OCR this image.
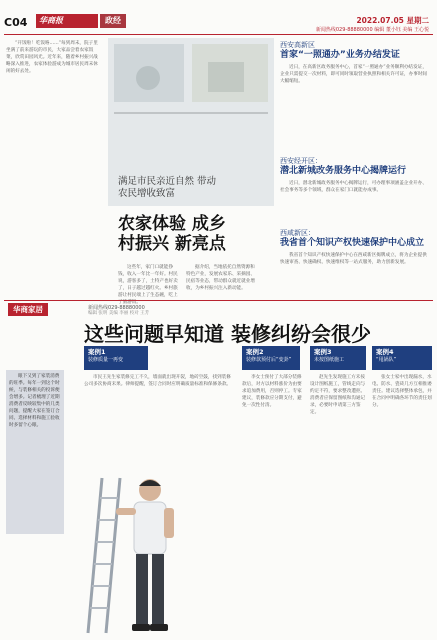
C04	华商报	政经	2022.07.05 星期二
新闻热线029-88880000 编辑 董小钰 美编 王心悦

“开饭啦！吃饭咯……”每到周末，院子里坐满了前来游玩的市民，大家品尝着农家饭菜，欣赏田园风光。近年来，随着乡村振兴战略深入推进，农家体验游成为城市居民周末休闲的好去处。

满足市民亲近自然 带动农民增收致富
农家体验 成乡村振兴 新亮点

这些年，家门口就能挣钱，收入一年比一年好。村民说，游客多了，土特产也好卖了，日子越过越红火。乡村旅游让村民端上了生态碗，吃上了旅游饭。

据介绍，当地依托自然资源和特色产业，发展农家乐、采摘园、民宿等业态，带动群众就近就业增收，为乡村振兴注入新动能。

西安高新区
首家“一照通办”业务办结发证

近日，在高新区政务服务中心，首家“一照通办”业务顺利办结发证，企业只需提交一次材料，即可同时领取营业执照和相关许可证，办事时间大幅缩短。

西安经开区：
潜北新城改务服务中心揭牌运行

近日，潜北新城政务服务中心揭牌运行，可办理事项涵盖企业开办、社会事务等多个领域，群众在家门口就能办成事。

西咸新区：
我省首个知识产权快速保护中心成立

我省首个知识产权快速保护中心在西咸新区揭牌成立，将为企业提供快速审查、快速确权、快速维权等一站式服务，助力创新发展。

华商家居	新闻热线029-88880000
编辑 张明 美编 李丽 校对 王芳
这些问题早知道 装修纠纷会很少

眼下又到了家装消费的旺季。每年一到这个时候，与装修相关的投诉便会增多。记者梳理了近期消费者反映较集中的几类问题，提醒大家在签订合同、选择材料和施工验收时多留个心眼。

案例1
装修质量一再变
案例2
装修款预付后“变卦”
案例3
未按图纸施工
案例4
“甩锅队”

市民王先生家装修完工不久，墙面就出现开裂，地砖空鼓，找到装修公司多次协商未果。律师提醒，签订合同时应明确质量标准和保修条款。

李女士预付了大部分装修款后，对方以材料涨价为由要求追加费用，否则停工。专家建议，装修款应分期支付，避免一次性付清。

赵先生发现施工方未按设计图纸施工，管线走向与约定不符，要求整改遭拒。消费者应保留图纸和沟通记录，必要时申请第三方鉴定。

张女士家中出现漏水，水电、防水、瓷砖几方互相推诿责任。建议选择整体承包，并在合同中明确各环节的责任划分。
